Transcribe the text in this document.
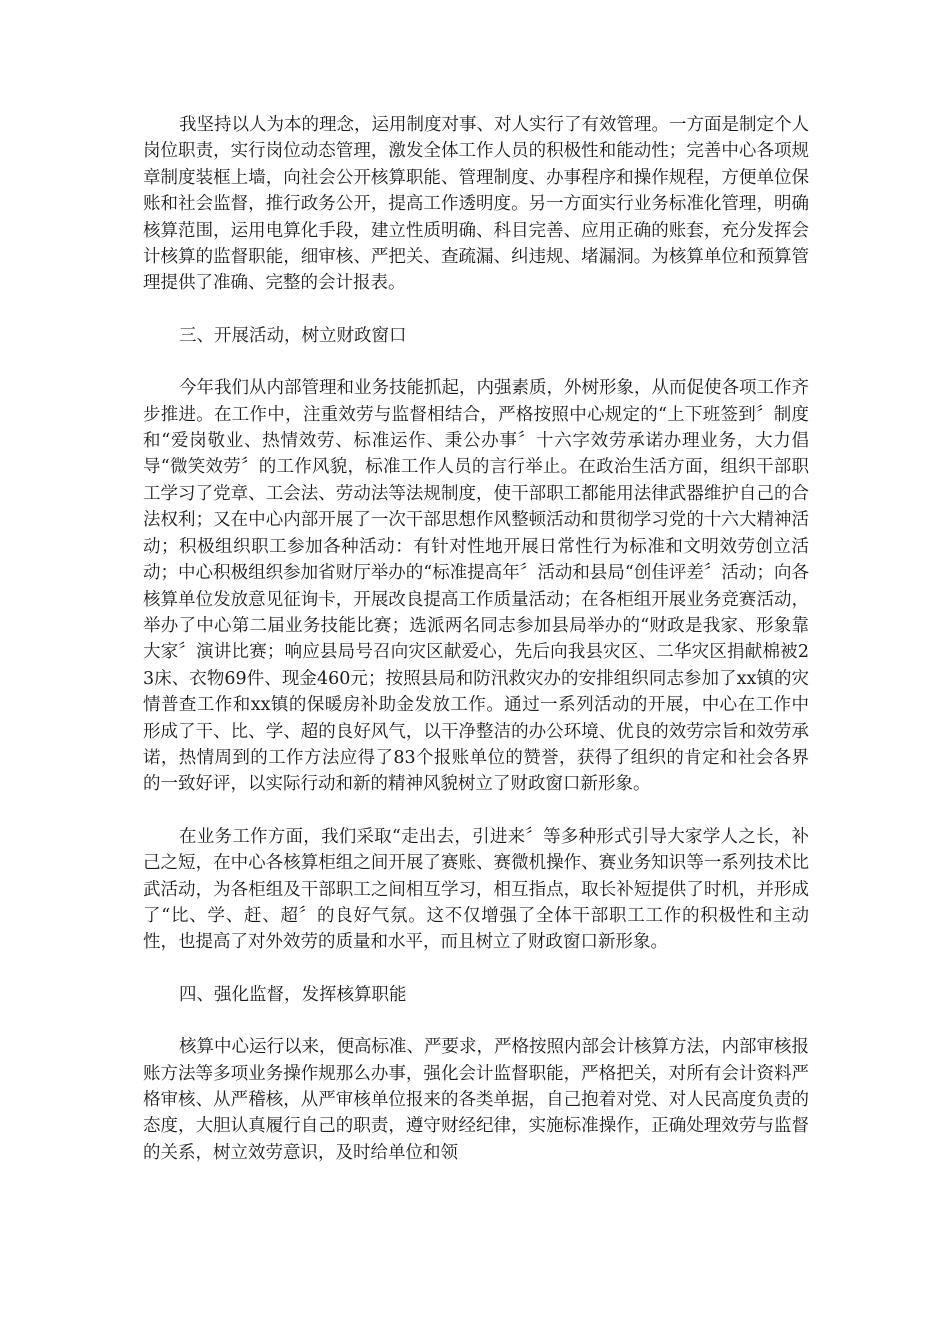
我坚持以人为本的理念，运用制度对事、对人实行了有效管理。一方面是制定个人岗位职责，实行岗位动态管理，激发全体工作人员的积极性和能动性；完善中心各项规章制度装框上墙，向社会公开核算职能、管理制度、办事程序和操作规程，方便单位保账和社会监督，推行政务公开，提高工作透明度。另一方面实行业务标准化管理，明确核算范围，运用电算化手段，建立性质明确、科目完善、应用正确的账套，充分发挥会计核算的监督职能，细审核、严把关、查疏漏、纠违规、堵漏洞。为核算单位和预算管理提供了准确、完整的会计报表。

三、开展活动，树立财政窗口

今年我们从内部管理和业务技能抓起，内强素质，外树形象，从而促使各项工作齐步推进。在工作中，注重效劳与监督相结合，严格按照中心规定的“上下班签到〞制度和“爱岗敬业、热情效劳、标准运作、秉公办事〞十六字效劳承诺办理业务，大力倡导“微笑效劳〞的工作风貌，标准工作人员的言行举止。在政治生活方面，组织干部职工学习了党章、工会法、劳动法等法规制度，使干部职工都能用法律武器维护自己的合法权利；又在中心内部开展了一次干部思想作风整顿活动和贯彻学习党的十六大精神活动；积极组织职工参加各种活动：有针对性地开展日常性行为标准和文明效劳创立活动；中心积极组织参加省财厅举办的“标准提高年〞活动和县局“创佳评差〞活动；向各核算单位发放意见征询卡，开展改良提高工作质量活动；在各柜组开展业务竞赛活动，举办了中心第二届业务技能比赛；选派两名同志参加县局举办的“财政是我家、形象靠大家〞演讲比赛；响应县局号召向灾区献爱心，先后向我县灾区、二华灾区捐献棉被23床、衣物69件、现金460元；按照县局和防汛救灾办的安排组织同志参加了xx镇的灾情普查工作和xx镇的保暖房补助金发放工作。通过一系列活动的开展，中心在工作中形成了干、比、学、超的良好风气，以干净整洁的办公环境、优良的效劳宗旨和效劳承诺，热情周到的工作方法应得了83个报账单位的赞誉，获得了组织的肯定和社会各界的一致好评，以实际行动和新的精神风貌树立了财政窗口新形象。

在业务工作方面，我们采取“走出去，引进来〞等多种形式引导大家学人之长，补己之短，在中心各核算柜组之间开展了赛账、赛微机操作、赛业务知识等一系列技术比武活动，为各柜组及干部职工之间相互学习，相互指点，取长补短提供了时机，并形成了“比、学、赶、超〞的良好气氛。这不仅增强了全体干部职工工作的积极性和主动性，也提高了对外效劳的质量和水平，而且树立了财政窗口新形象。

四、强化监督，发挥核算职能

核算中心运行以来，便高标准、严要求，严格按照内部会计核算方法，内部审核报账方法等多项业务操作规那么办事，强化会计监督职能，严格把关，对所有会计资料严格审核、从严稽核，从严审核单位报来的各类单据，自己抱着对党、对人民高度负责的态度，大胆认真履行自己的职责，遵守财经纪律，实施标准操作，正确处理效劳与监督的关系，树立效劳意识，及时给单位和领
